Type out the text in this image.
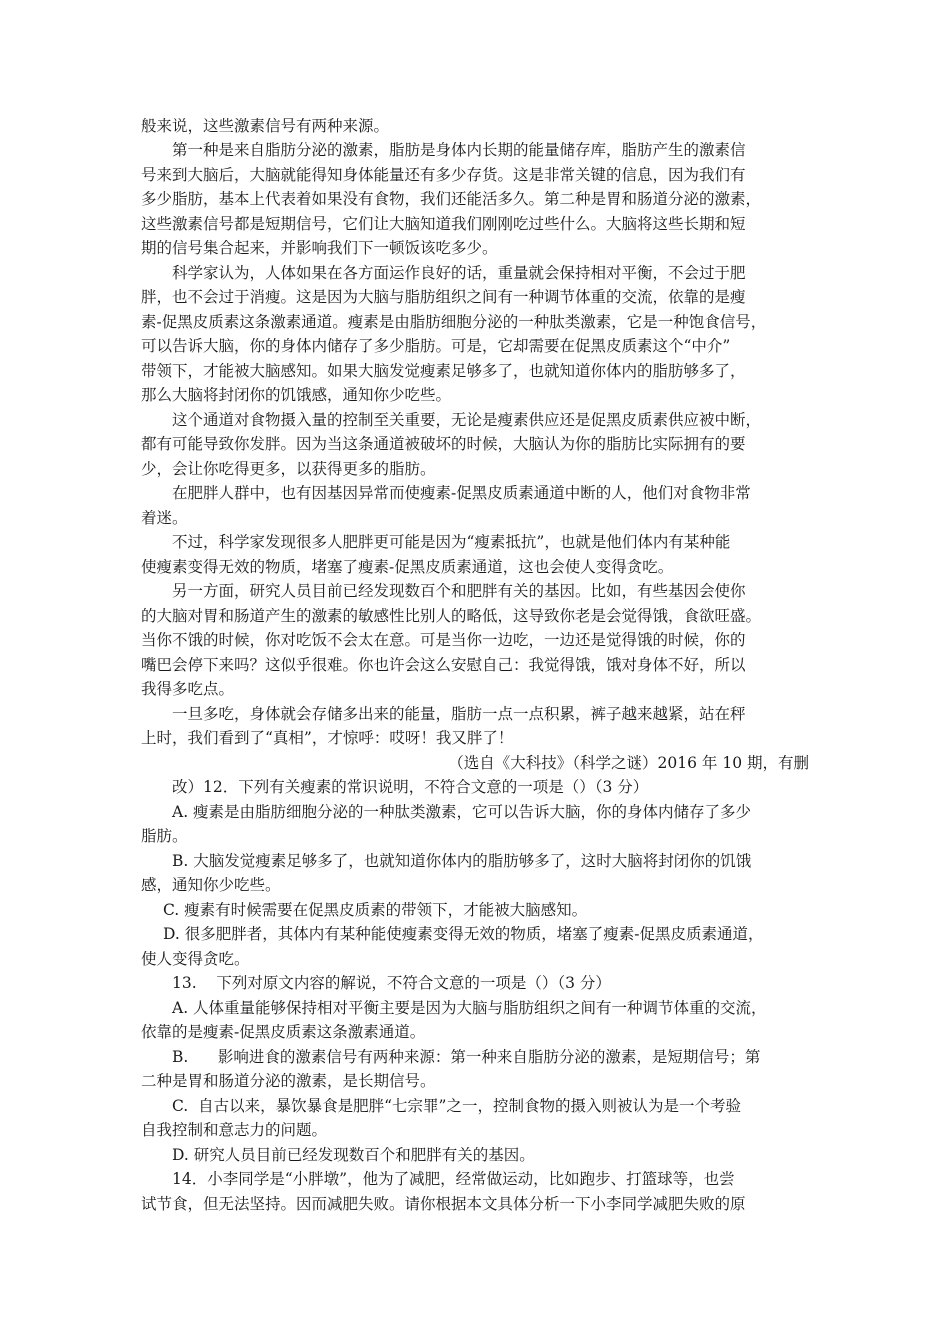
般来说，这些激素信号有两种来源。
第一种是来自脂肪分泌的激素，脂肪是身体内长期的能量储存库，脂肪产生的激素信
号来到大脑后，大脑就能得知身体能量还有多少存货。这是非常关键的信息，因为我们有
多少脂肪，基本上代表着如果没有食物，我们还能活多久。第二种是胃和肠道分泌的激素，
这些激素信号都是短期信号，它们让大脑知道我们刚刚吃过些什么。大脑将这些长期和短
期的信号集合起来，并影响我们下一顿饭该吃多少。
科学家认为，人体如果在各方面运作良好的话，重量就会保持相对平衡，不会过于肥
胖，也不会过于消瘦。这是因为大脑与脂肪组织之间有一种调节体重的交流，依靠的是瘦
素-促黑皮质素这条激素通道。瘦素是由脂肪细胞分泌的一种肽类激素，它是一种饱食信号，
可以告诉大脑，你的身体内储存了多少脂肪。可是，它却需要在促黑皮质素这个“中介”
带领下，才能被大脑感知。如果大脑发觉瘦素足够多了，也就知道你体内的脂肪够多了，
那么大脑将封闭你的饥饿感，通知你少吃些。
这个通道对食物摄入量的控制至关重要，无论是瘦素供应还是促黑皮质素供应被中断，
都有可能导致你发胖。因为当这条通道被破坏的时候，大脑认为你的脂肪比实际拥有的要
少，会让你吃得更多，以获得更多的脂肪。
在肥胖人群中，也有因基因异常而使瘦素-促黑皮质素通道中断的人，他们对食物非常
着迷。
不过，科学家发现很多人肥胖更可能是因为“瘦素抵抗”，也就是他们体内有某种能
使瘦素变得无效的物质，堵塞了瘦素-促黑皮质素通道，这也会使人变得贪吃。
另一方面，研究人员目前已经发现数百个和肥胖有关的基因。比如，有些基因会使你
的大脑对胃和肠道产生的激素的敏感性比别人的略低，这导致你老是会觉得饿，食欲旺盛。
当你不饿的时候，你对吃饭不会太在意。可是当你一边吃，一边还是觉得饿的时候，你的
嘴巴会停下来吗？这似乎很难。你也许会这么安慰自己：我觉得饿，饿对身体不好，所以
我得多吃点。
一旦多吃，身体就会存储多出来的能量，脂肪一点一点积累，裤子越来越紧，站在秤
上时，我们看到了“真相”，才惊呼：哎呀！我又胖了！
（选自《大科技》（科学之谜）2016 年 10 期，有删
改）12．下列有关瘦素的常识说明，不符合文意的一项是（）（3 分）
A. 瘦素是由脂肪细胞分泌的一种肽类激素，它可以告诉大脑，你的身体内储存了多少
脂肪。
B. 大脑发觉瘦素足够多了，也就知道你体内的脂肪够多了，这时大脑将封闭你的饥饿
感，通知你少吃些。
C. 瘦素有时候需要在促黑皮质素的带领下，才能被大脑感知。
D. 很多肥胖者，其体内有某种能使瘦素变得无效的物质，堵塞了瘦素-促黑皮质素通道，
使人变得贪吃。
13.    下列对原文内容的解说，不符合文意的一项是（）（3 分）
A. 人体重量能够保持相对平衡主要是因为大脑与脂肪组织之间有一种调节体重的交流，
依靠的是瘦素-促黑皮质素这条激素通道。
B.      影响进食的激素信号有两种来源：第一种来自脂肪分泌的激素，是短期信号；第
二种是胃和肠道分泌的激素，是长期信号。
C.  自古以来，暴饮暴食是肥胖“七宗罪”之一，控制食物的摄入则被认为是一个考验
自我控制和意志力的问题。
D. 研究人员目前已经发现数百个和肥胖有关的基因。
14．小李同学是“小胖墩”，他为了减肥，经常做运动，比如跑步、打篮球等，也尝
试节食，但无法坚持。因而减肥失败。请你根据本文具体分析一下小李同学减肥失败的原
